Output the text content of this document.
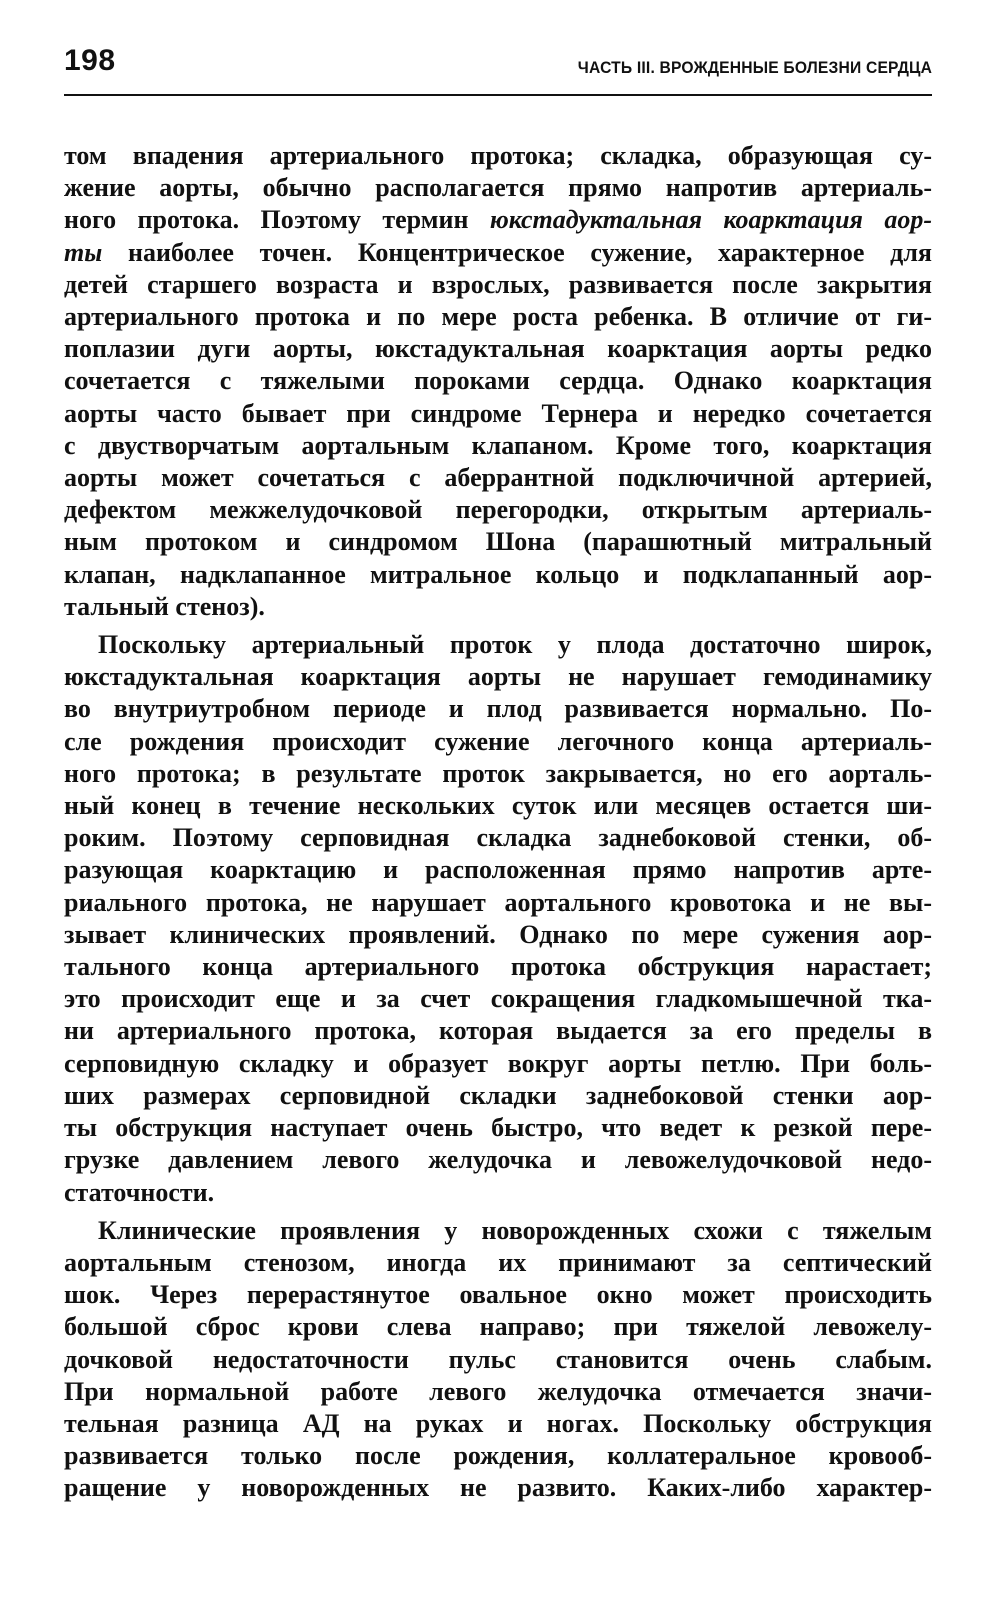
198	ЧАСТЬ III. ВРОЖДЕННЫЕ БОЛЕЗНИ СЕРДЦА

том впадения артериального протока; складка, образующая су-
жение аорты, обычно располагается прямо напротив артериаль-
ного протока. Поэтому термин юкстадуктальная коарктация аор-
ты наиболее точен. Концентрическое сужение, характерное для
детей старшего возраста и взрослых, развивается после закрытия
артериального протока и по мере роста ребенка. В отличие от ги-
поплазии дуги аорты, юкстадуктальная коарктация аорты редко
сочетается с тяжелыми пороками сердца. Однако коарктация
аорты часто бывает при синдроме Тернера и нередко сочетается
с двустворчатым аортальным клапаном. Кроме того, коарктация
аорты может сочетаться с аберрантной подключичной артерией,
дефектом межжелудочковой перегородки, открытым артериаль-
ным протоком и синдромом Шона (парашютный митральный
клапан, надклапанное митральное кольцо и подклапанный аор-
тальный стеноз).

Поскольку артериальный проток у плода достаточно широк,
юкстадуктальная коарктация аорты не нарушает гемодинамику
во внутриутробном периоде и плод развивается нормально. По-
сле рождения происходит сужение легочного конца артериаль-
ного протока; в результате проток закрывается, но его аорталь-
ный конец в течение нескольких суток или месяцев остается ши-
роким. Поэтому серповидная складка заднебоковой стенки, об-
разующая коарктацию и расположенная прямо напротив арте-
риального протока, не нарушает аортального кровотока и не вы-
зывает клинических проявлений. Однако по мере сужения аор-
тального конца артериального протока обструкция нарастает;
это происходит еще и за счет сокращения гладкомышечной тка-
ни артериального протока, которая выдается за его пределы в
серповидную складку и образует вокруг аорты петлю. При боль-
ших размерах серповидной складки заднебоковой стенки аор-
ты обструкция наступает очень быстро, что ведет к резкой пере-
грузке давлением левого желудочка и левожелудочковой недо-
статочности.

Клинические проявления у новорожденных схожи с тяжелым
аортальным стенозом, иногда их принимают за септический
шок. Через перерастянутое овальное окно может происходить
большой сброс крови слева направо; при тяжелой левожелу-
дочковой недостаточности пульс становится очень слабым.
При нормальной работе левого желудочка отмечается значи-
тельная разница АД на руках и ногах. Поскольку обструкция
развивается только после рождения, коллатеральное кровооб-
ращение у новорожденных не развито. Каких-либо характер-
